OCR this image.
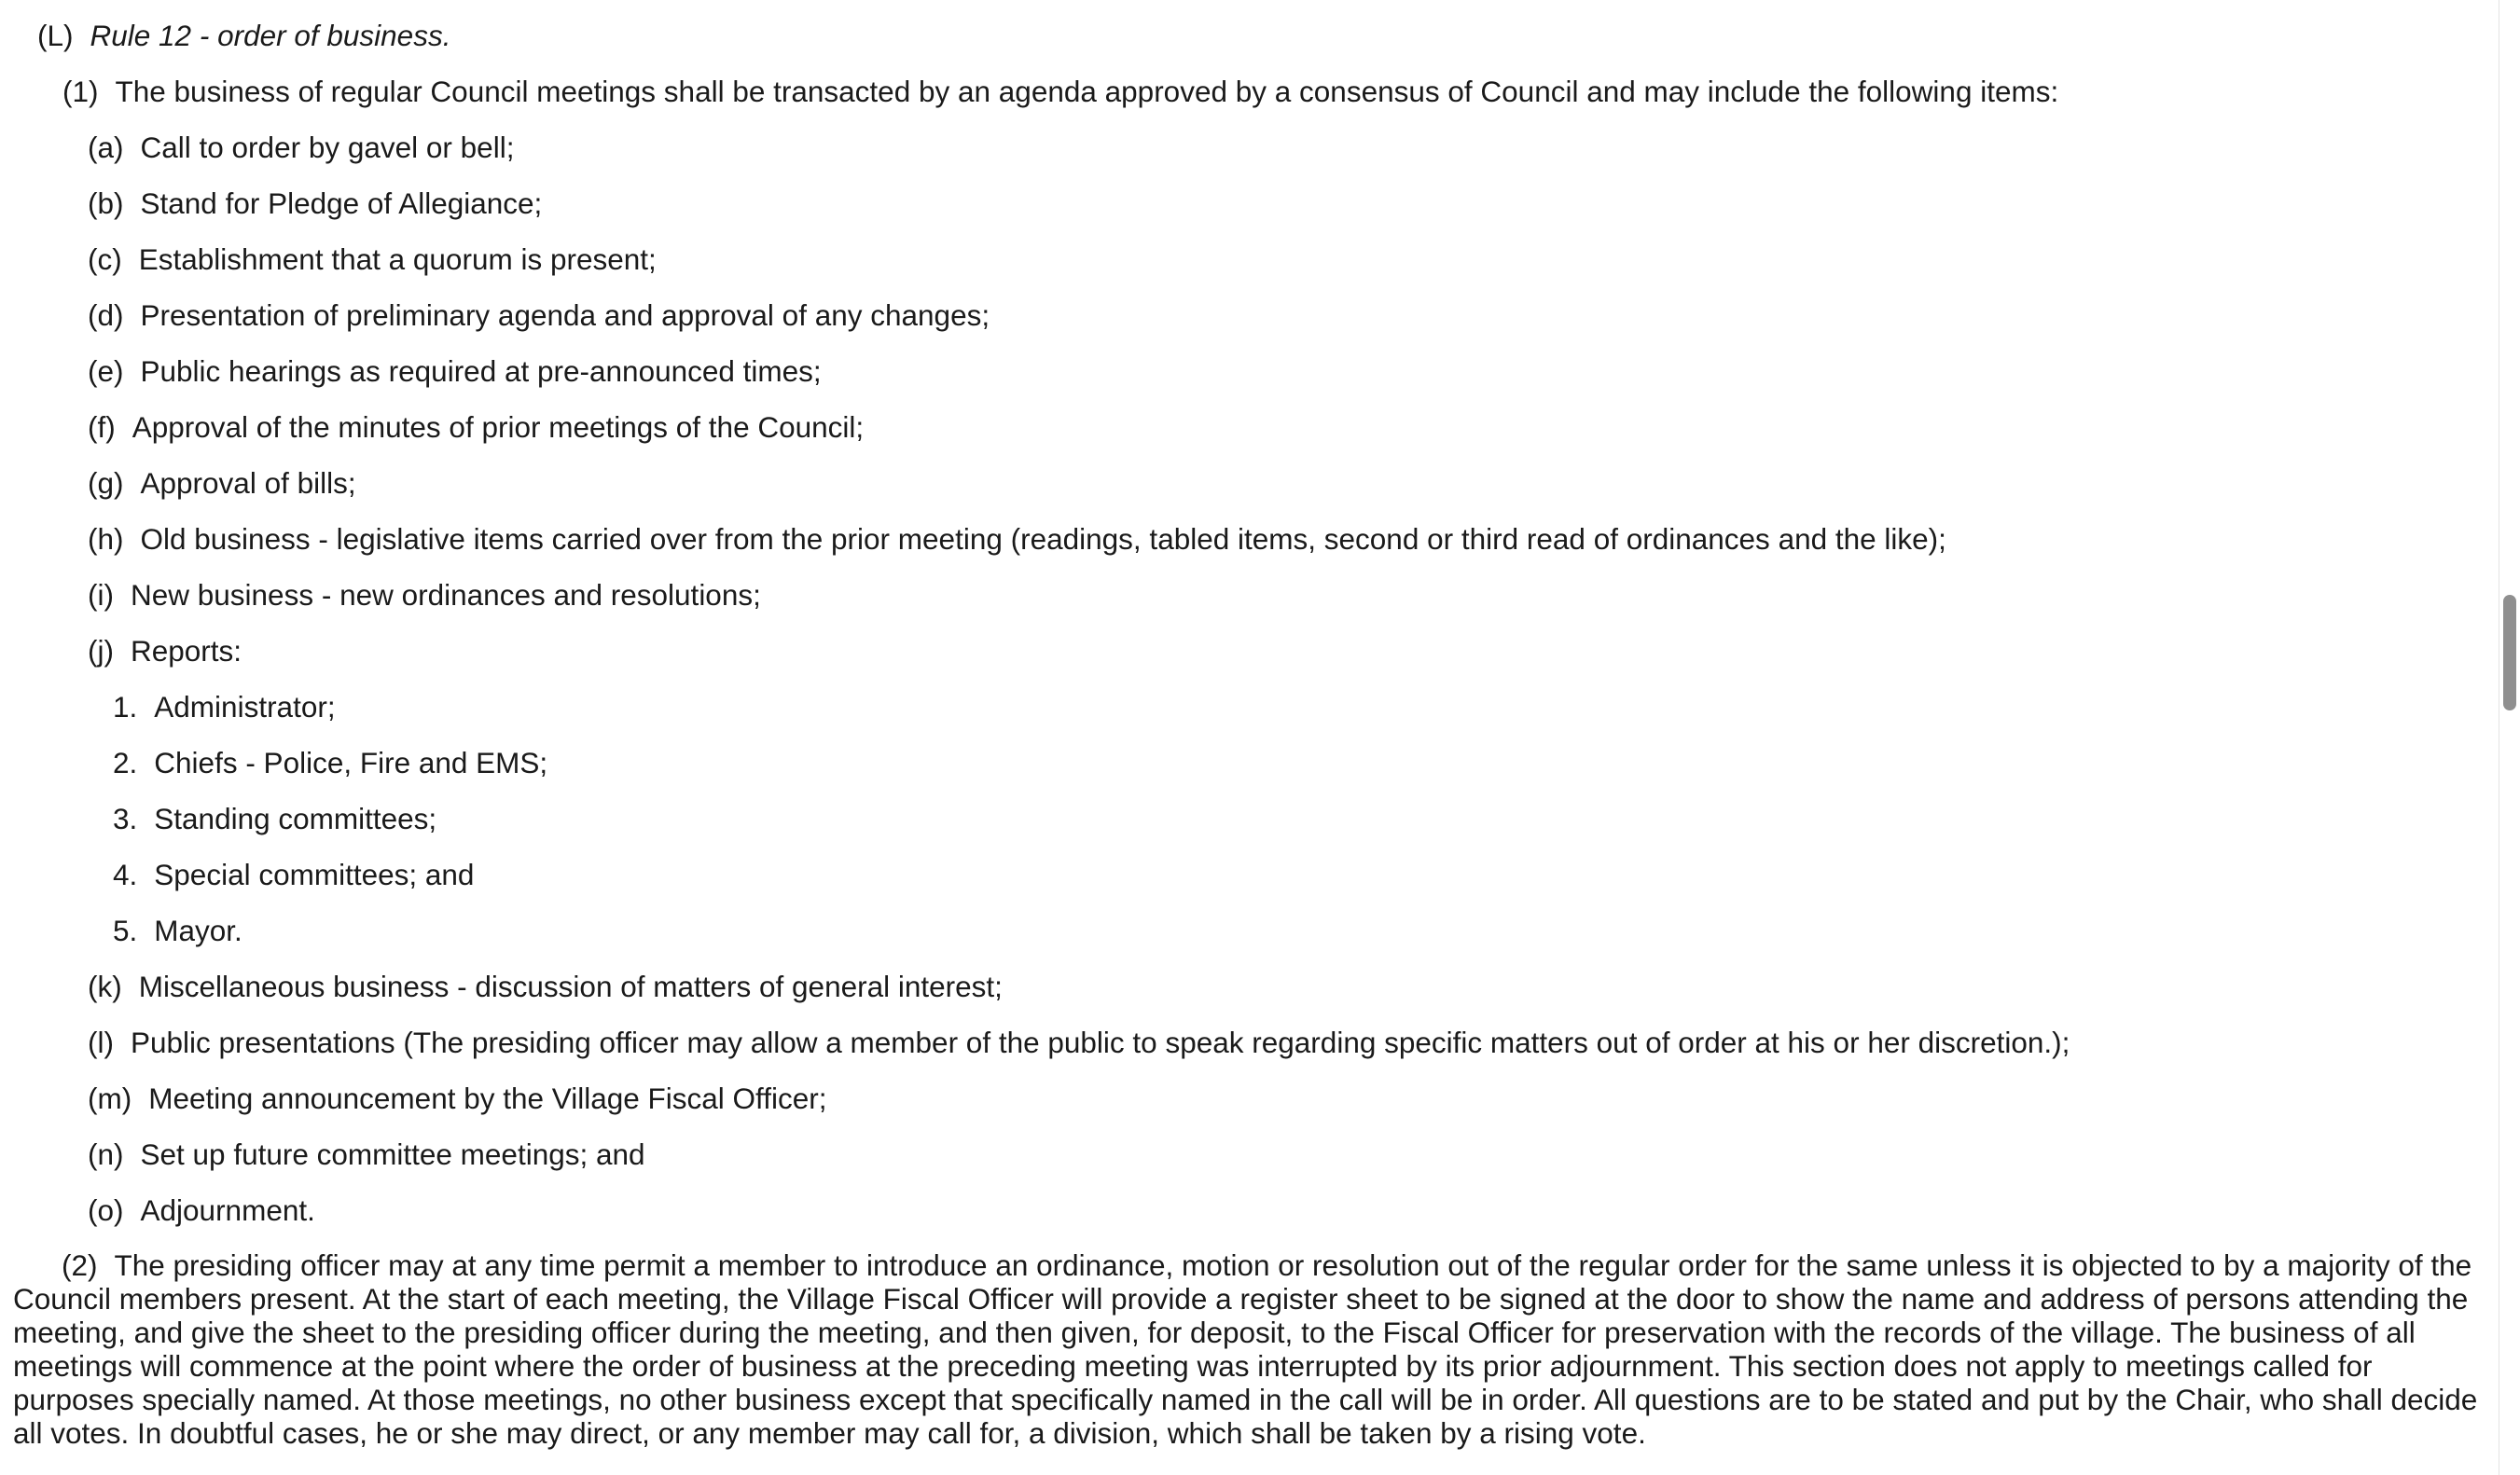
(L) Rule 12 - order of business.
(1) The business of regular Council meetings shall be transacted by an agenda approved by a consensus of Council and may include the following items:
(a) Call to order by gavel or bell;
(b) Stand for Pledge of Allegiance;
(c) Establishment that a quorum is present;
(d) Presentation of preliminary agenda and approval of any changes;
(e) Public hearings as required at pre-announced times;
(f) Approval of the minutes of prior meetings of the Council;
(g) Approval of bills;
(h) Old business - legislative items carried over from the prior meeting (readings, tabled items, second or third read of ordinances and the like);
(i) New business - new ordinances and resolutions;
(j) Reports:
1. Administrator;
2. Chiefs - Police, Fire and EMS;
3. Standing committees;
4. Special committees; and
5. Mayor.
(k) Miscellaneous business - discussion of matters of general interest;
(l) Public presentations (The presiding officer may allow a member of the public to speak regarding specific matters out of order at his or her discretion.);
(m) Meeting announcement by the Village Fiscal Officer;
(n) Set up future committee meetings; and
(o) Adjournment.
(2) The presiding officer may at any time permit a member to introduce an ordinance, motion or resolution out of the regular order for the same unless it is objected to by a majority of the Council members present. At the start of each meeting, the Village Fiscal Officer will provide a register sheet to be signed at the door to show the name and address of persons attending the meeting, and give the sheet to the presiding officer during the meeting, and then given, for deposit, to the Fiscal Officer for preservation with the records of the village. The business of all meetings will commence at the point where the order of business at the preceding meeting was interrupted by its prior adjournment. This section does not apply to meetings called for purposes specially named. At those meetings, no other business except that specifically named in the call will be in order. All questions are to be stated and put by the Chair, who shall decide all votes. In doubtful cases, he or she may direct, or any member may call for, a division, which shall be taken by a rising vote.
